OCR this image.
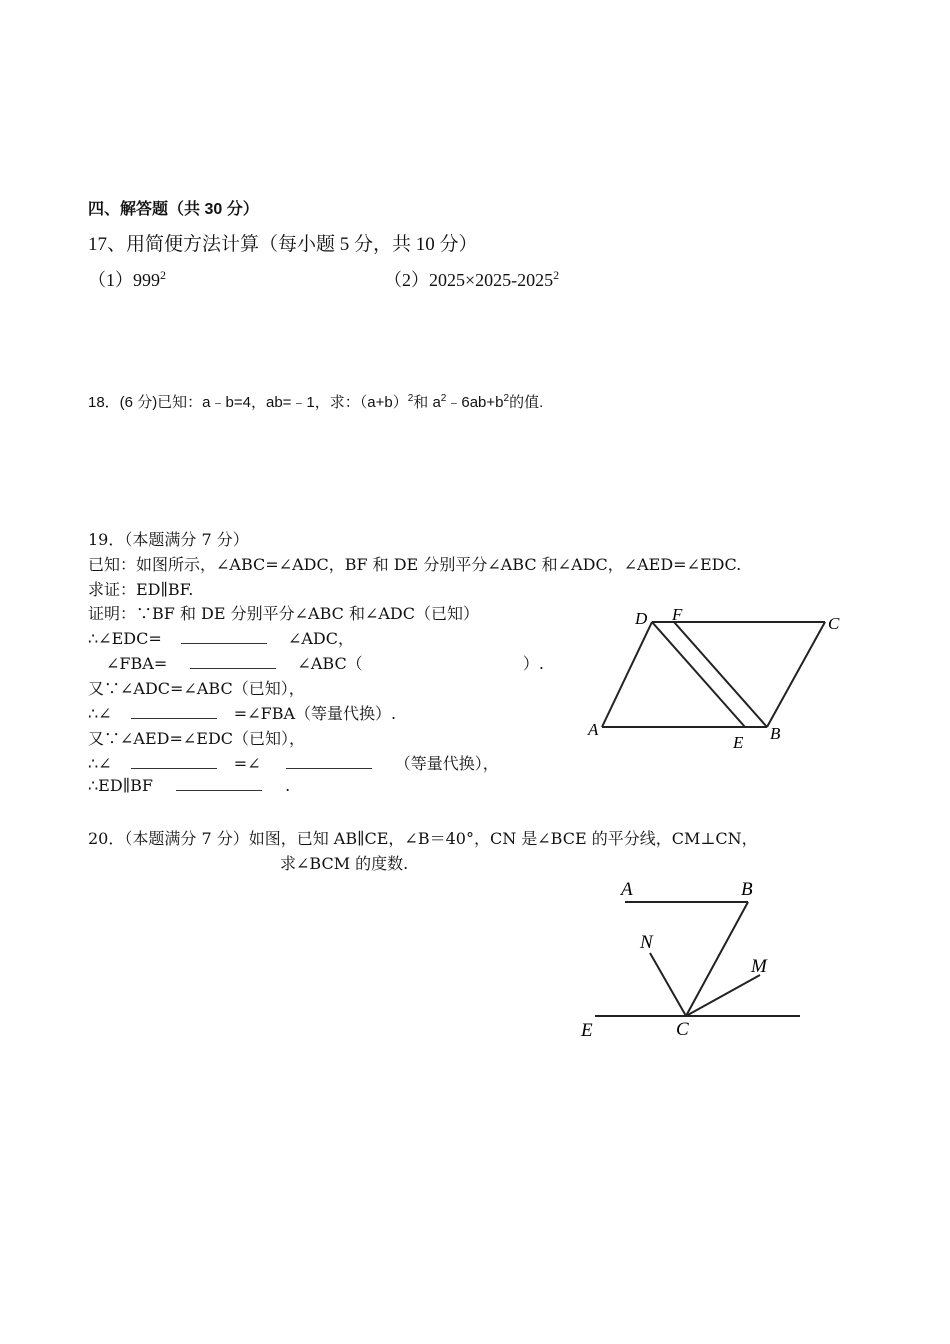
四、解答题（共 30 分）
17、用简便方法计算（每小题 5 分，共 10 分）
$(1)999^2$	$(2)2025\times 2025-2025^2$
18．(6 分)已知：a﹣b=4，ab=﹣1，求：$(a+b)^2$和 $a^2﹣6ab+b^2$的值.
19．（本题满分 7 分）
已知：如图所示，∠ABC=∠ADC，BF 和 DE 分别平分∠ABC 和∠ADC，∠AED=∠EDC.
求证：ED∥BF.
证明：∵BF 和 DE 分别平分∠ABC 和∠ADC（已知）
∴∠EDC=	∠ADC，
∠FBA=	∠ABC（	）.
又∵∠ADC=∠ABC（已知），
∴∠	=∠FBA（等量代换）.
又∵∠AED=∠EDC（已知），
∴∠	=∠	（等量代换），
∴ED∥BF	.
A
E B
D F	C
20．（本题满分 7 分）如图，已知 AB∥CE，∠B＝40°，CN 是∠BCE 的平分线，CM⊥CN，
求∠BCM 的度数.
A	B
N
M
E	C
